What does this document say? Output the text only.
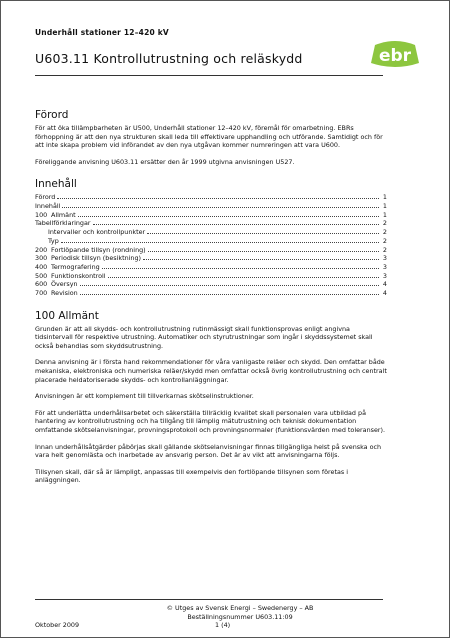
Underhåll stationer 12–420 kV
U603.11 Kontrollutrustning och reläskydd	ebr
Förord

För att öka tillämpbarheten är U500, Underhåll stationer 12–420 kV, föremål för omarbetning. EBRs förhoppning är att den nya strukturen skall leda till effektivare upphandling och utförande. Samtidigt och för att inte skapa problem vid införandet av den nya utgåvan kommer numreringen att vara U600.

Föreliggande anvisning U603.11 ersätter den år 1999 utgivna anvisningen U527.

Innehåll
Förord	1
Innehåll	1
100 Allmänt	1
Tabellförklaringar	2
Intervaller och kontrollpunkter	2
Typ	2
200 Fortlöpande tillsyn (rondning)	2
300 Periodisk tillsyn (besiktning)	3
400 Termografering	3
500 Funktionskontroll	3
600 Översyn	4
700 Revision	4
100 Allmänt

Grunden är att all skydds- och kontrollutrustning rutinmässigt skall funktionsprovas enligt angivna tidsintervall för respektive utrustning. Automatiker och styrutrustningar som ingår i skyddssystemet skall också behandlas som skyddsutrustning.

Denna anvisning är i första hand rekommendationer för våra vanligaste reläer och skydd. Den omfattar både mekaniska, elektroniska och numeriska reläer/skydd men omfattar också övrig kontrollutrustning och centralt placerade heldatoriserade skydds- och kontrollanläggningar.

Anvisningen är ett komplement till tillverkarnas skötselinstruktioner.

För att underlätta underhållsarbetet och säkerställa tillräcklig kvalitet skall personalen vara utbildad på hantering av kontrollutrustning och ha tillgång till lämplig mätutrustning och teknisk dokumentation omfattande skötselanvisningar, provningsprotokoll och provningsnormaler (funktionsvärden med toleranser).

Innan underhållsåtgärder påbörjas skall gällande skötselanvisningar finnas tillgängliga helst på svenska och vara helt genomlästa och inarbetade av ansvarig person. Det är av vikt att anvisningarna följs.

Tillsynen skall, där så är lämpligt, anpassas till exempelvis den fortlöpande tillsynen som företas i anläggningen.

© Utges av Svensk Energi – Swedenergy – AB
Beställningsnummer U603.11:09
Oktober 2009	1 (4)
